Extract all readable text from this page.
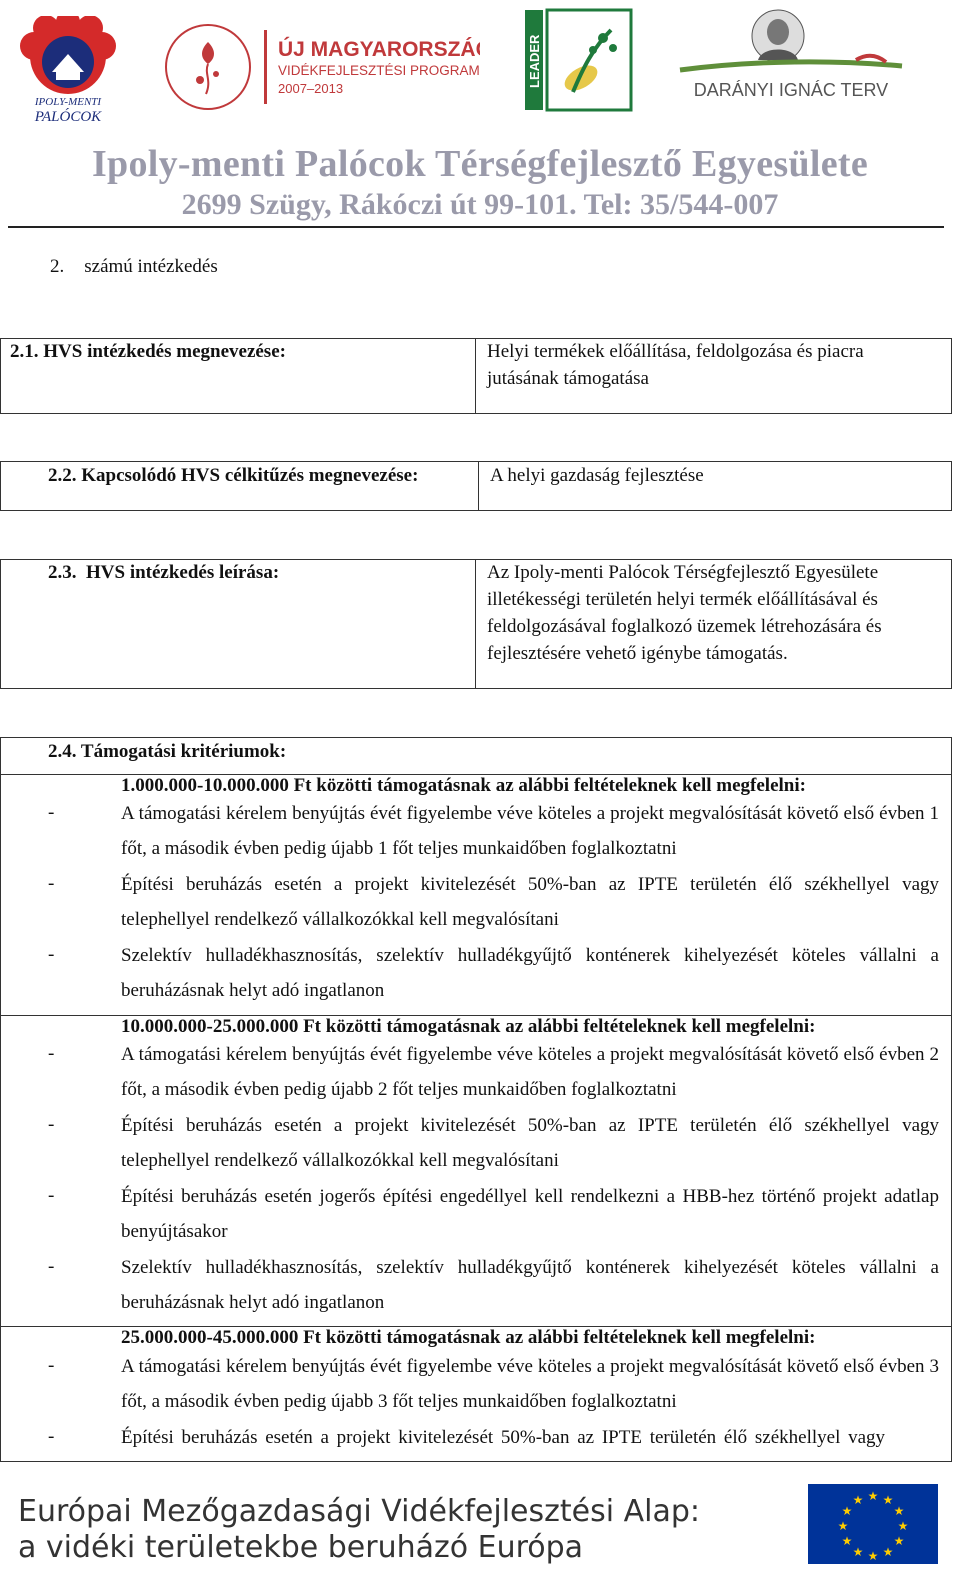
IPOLY-MENTI
PALÓCOK
ÚJ MAGYARORSZÁG
VIDÉKFEJLESZTÉSI PROGRAM
2007–2013
LEADER
DARÁNYI IGNÁC TERV
Ipoly-menti Palócok Térségfejlesztő Egyesülete
2699 Szügy, Rákóczi út 99-101. Tel: 35/544-007
2. számú intézkedés
2.1. HVS intézkedés megnevezése:	Helyi termékek előállítása, feldolgozása és piacra
jutásának támogatása
2.2. Kapcsolódó HVS célkitűzés megnevezése:	A helyi gazdaság fejlesztése
2.3.  HVS intézkedés leírása:	Az Ipoly-menti Palócok Térségfejlesztő Egyesülete
illetékességi területén helyi termék előállításával és
feldolgozásával foglalkozó üzemek létrehozására és
fejlesztésére vehető igénybe támogatás.
2.4. Támogatási kritériumok:
1.000.000-10.000.000 Ft közötti támogatásnak az alábbi feltételeknek kell megfelelni:
-	A támogatási kérelem benyújtás évét figyelembe véve köteles a projekt megvalósítását követő első évben 1 főt, a második évben pedig újabb 1 főt teljes munkaidőben foglalkoztatni
-	Építési beruházás esetén a projekt kivitelezését 50%-ban az IPTE területén élő székhellyel vagy telephellyel rendelkező vállalkozókkal kell megvalósítani
-	Szelektív hulladékhasznosítás, szelektív hulladékgyűjtő konténerek kihelyezését köteles vállalni a beruházásnak helyt adó ingatlanon
10.000.000-25.000.000 Ft közötti támogatásnak az alábbi feltételeknek kell megfelelni:
-	A támogatási kérelem benyújtás évét figyelembe véve köteles a projekt megvalósítását követő első évben 2 főt, a második évben pedig újabb 2 főt teljes munkaidőben foglalkoztatni
-	Építési beruházás esetén a projekt kivitelezését 50%-ban az IPTE területén élő székhellyel vagy telephellyel rendelkező vállalkozókkal kell megvalósítani
-	Építési beruházás esetén jogerős építési engedéllyel kell rendelkezni a HBB-hez történő projekt adatlap benyújtásakor
-	Szelektív hulladékhasznosítás, szelektív hulladékgyűjtő konténerek kihelyezését köteles vállalni a beruházásnak helyt adó ingatlanon
25.000.000-45.000.000 Ft közötti támogatásnak az alábbi feltételeknek kell megfelelni:
-	A támogatási kérelem benyújtás évét figyelembe véve köteles a projekt megvalósítását követő első évben 3 főt, a második évben pedig újabb 3 főt teljes munkaidőben foglalkoztatni
-	Építési beruházás esetén a projekt kivitelezését 50%-ban az IPTE területén élő székhellyel vagy
Európai Mezőgazdasági Vidékfejlesztési Alap:
a vidéki területekbe beruházó Európa
★ ★
★
★
★
★
★
★
★
★
★
★
